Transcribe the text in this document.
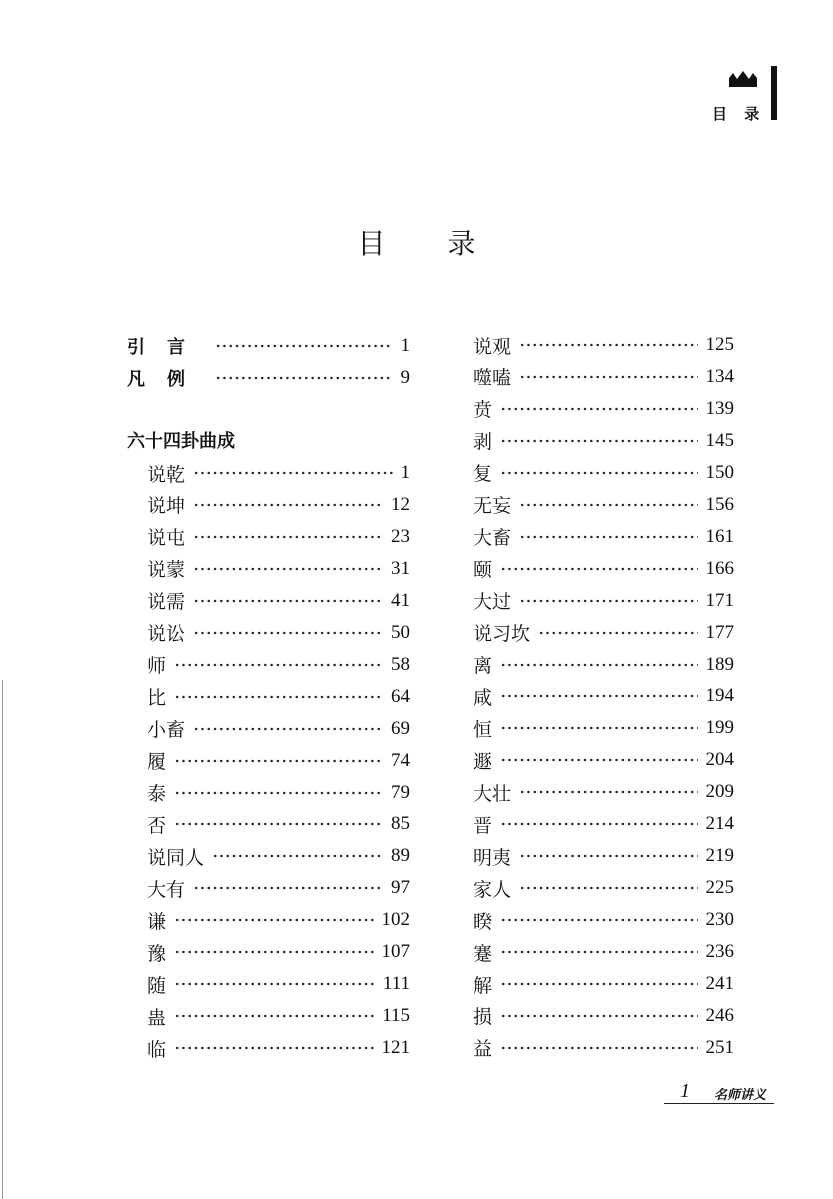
目 录
目录
引言	1
凡例	9
六十四卦曲成
说乾	1
说坤	12
说屯	23
说蒙	31
说需	41
说讼	50
师	58
比	64
小畜	69
履	74
泰	79
否	85
说同人	89
大有	97
谦	102
豫	107
随	111
蛊	115
临	121
说观	125
噬嗑	134
贲	139
剥	145
复	150
无妄	156
大畜	161
颐	166
大过	171
说习坎	177
离	189
咸	194
恒	199
遯	204
大壮	209
晋	214
明夷	219
家人	225
睽	230
蹇	236
解	241
损	246
益	251
1 名师讲义
